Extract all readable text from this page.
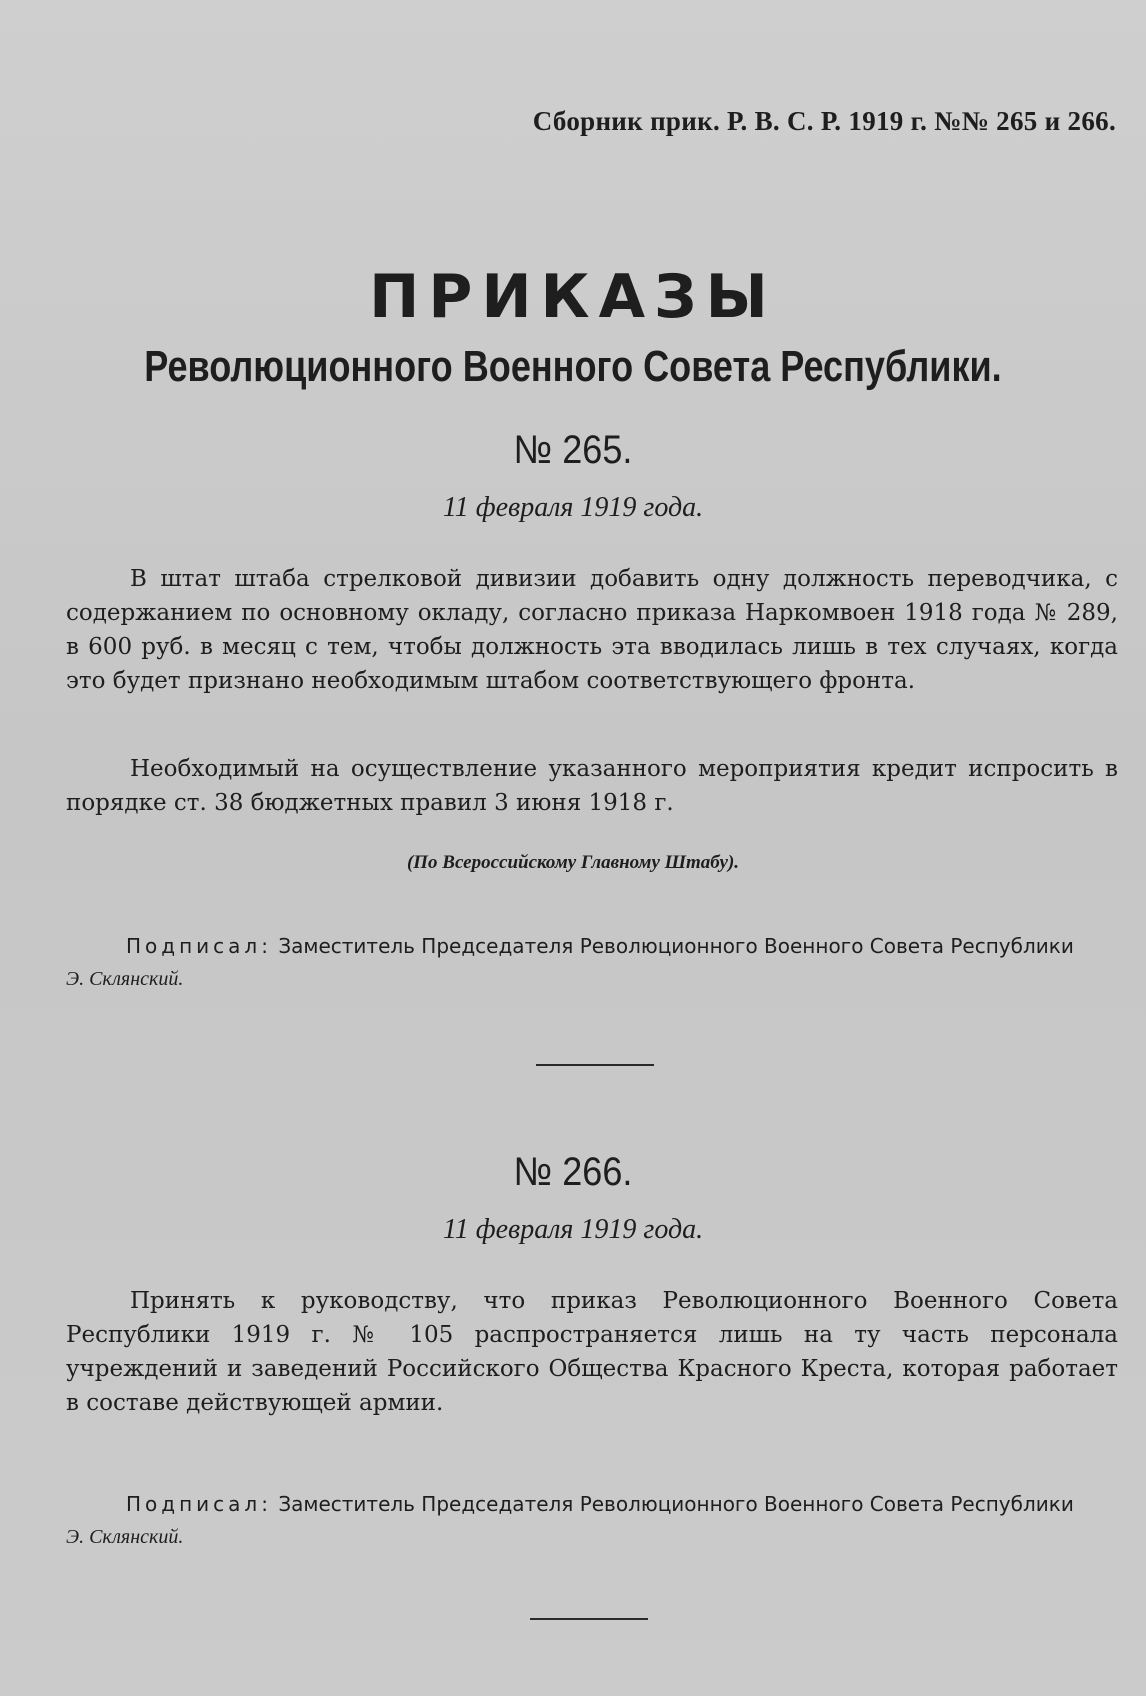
Сборник прик. Р. В. С. Р. 1919 г. №№ 265 и 266.
ПРИКАЗЫ
Революционного Военного Совета Республики.
№ 265.
11 февраля 1919 года.
В штат штаба стрелковой дивизии добавить одну должность переводчика, с содержанием по основному окладу, согласно приказа Наркомвоен 1918 года № 289, в 600 руб. в месяц с тем, чтобы должность эта вводилась лишь в тех случаях, когда это будет признано необходимым штабом соответствующего фронта.
Необходимый на осуществление указанного мероприятия кредит испросить в порядке ст. 38 бюджетных правил 3 июня 1918 г.
(По Всероссийскому Главному Штабу).
Подписал: Заместитель Председателя Революционного Военного Совета Республики
Э. Склянский.
№ 266.
11 февраля 1919 года.
Принять к руководству, что приказ Революционного Военного Совета Республики 1919 г. № 105 распространяется лишь на ту часть персонала учреждений и заведений Российского Общества Красного Креста, которая работает в составе действующей армии.
Подписал: Заместитель Председателя Революционного Военного Совета Республики
Э. Склянский.
